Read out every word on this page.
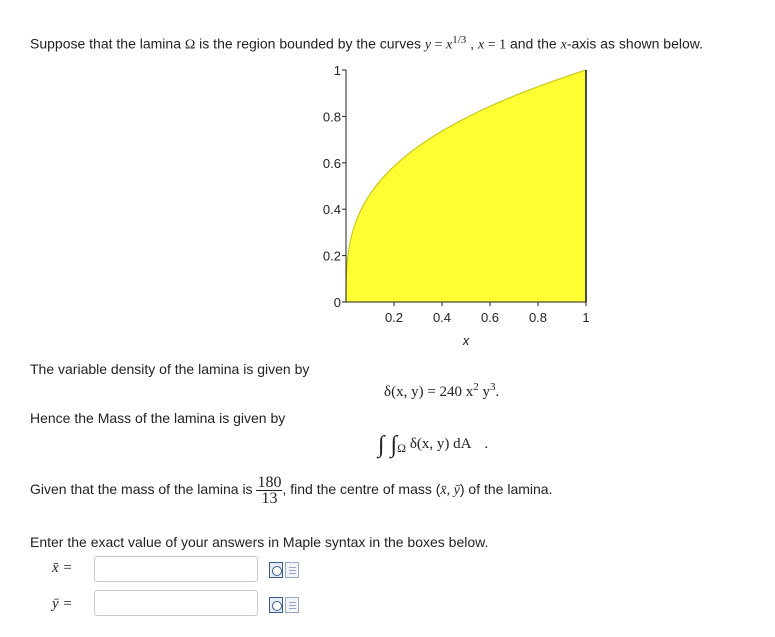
Suppose that the lamina Ω is the region bounded by the curves $y = x^{1/3}$ , x = 1 and the x-axis as shown below.
0.2 0.4 0.6 0.8	1
0
0.2
0.4
0.6
0.8
1
x
The variable density of the lamina is given by
δ(x, y) = 240 $x^2$ $y^3$.
Hence the Mass of the lamina is given by
∫ $\int_\Omega$ δ(x, y) dA .
Given that the mass of the lamina is $\frac{180}{13}$ , find the centre of mass (x̄, ȳ) of the lamina.
Enter the exact value of your answers in Maple syntax in the boxes below.
x̄ =
ȳ =
